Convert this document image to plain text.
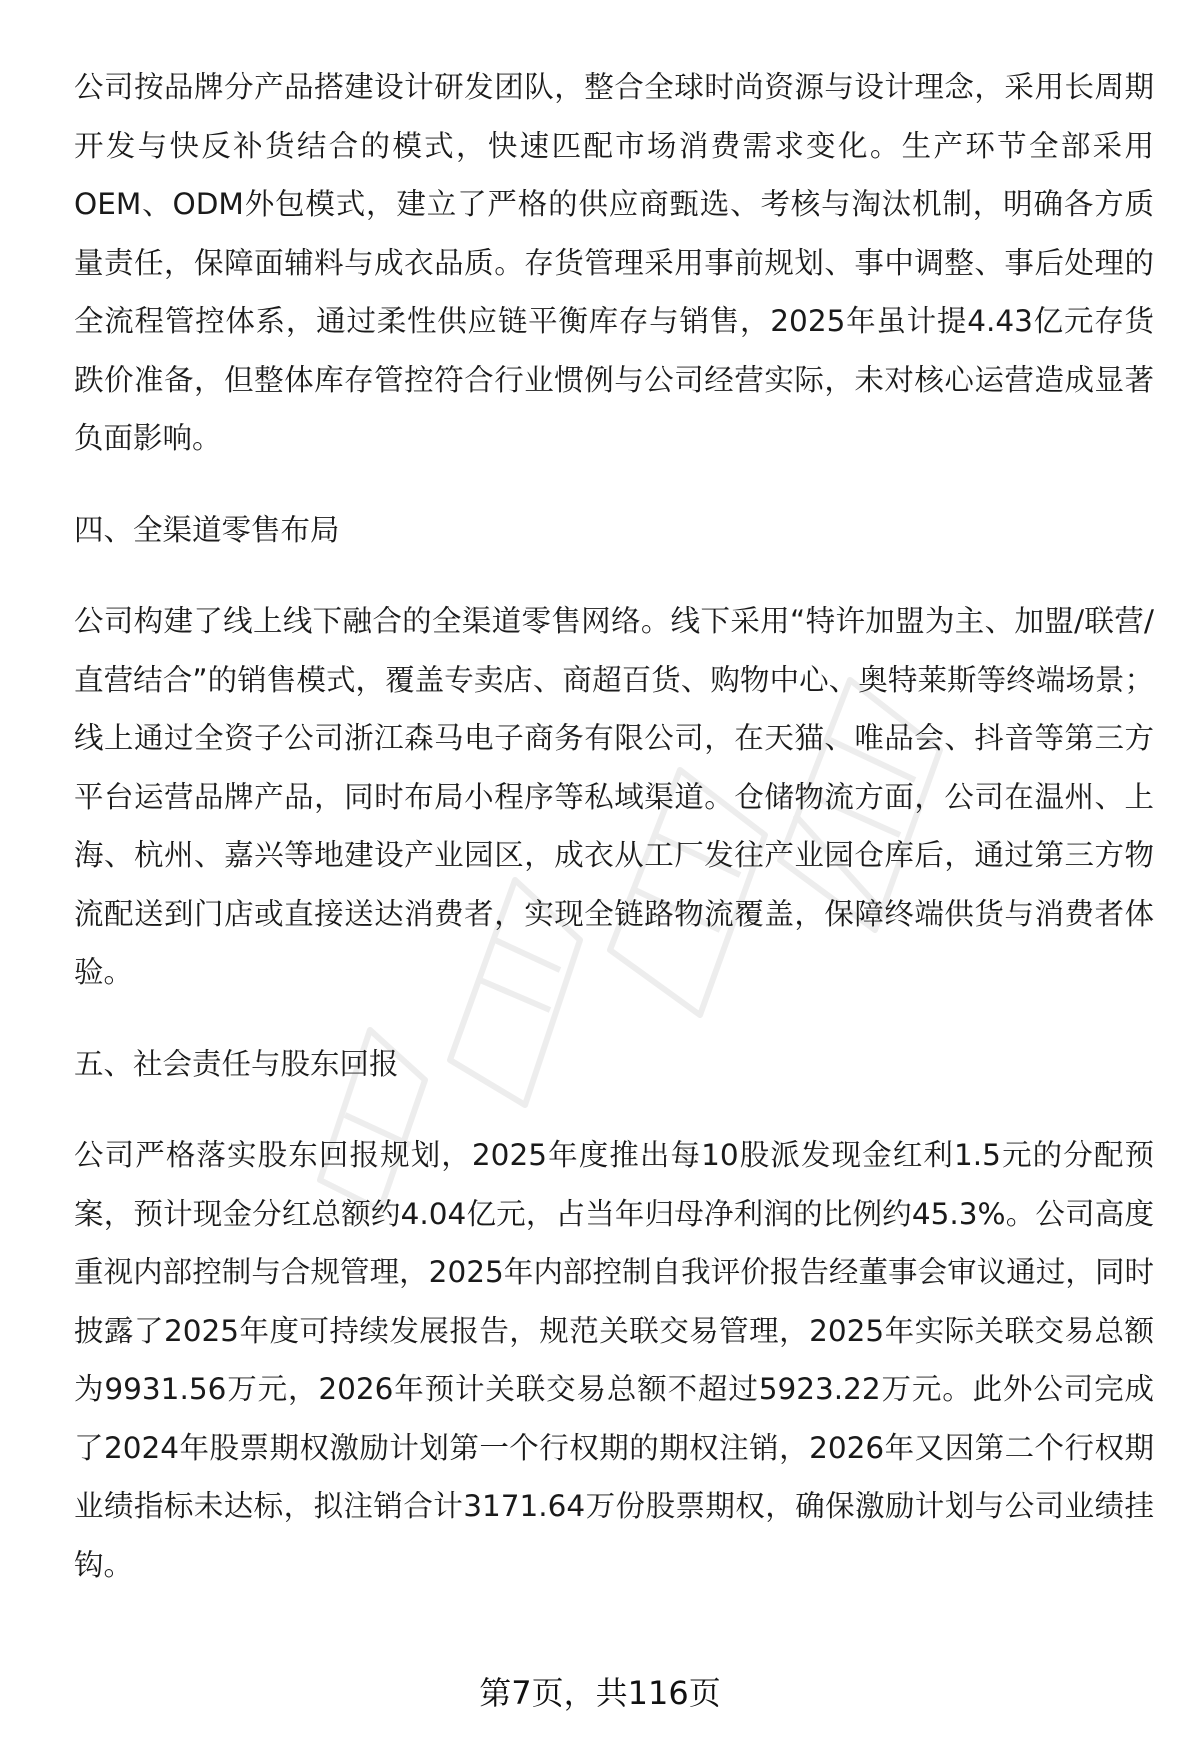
公司按品牌分产品搭建设计研发团队，整合全球时尚资源与设计理念，采用长周期开发与快反补货结合的模式，快速匹配市场消费需求变化。生产环节全部采用OEM、ODM外包模式，建立了严格的供应商甄选、考核与淘汰机制，明确各方质量责任，保障面辅料与成衣品质。存货管理采用事前规划、事中调整、事后处理的全流程管控体系，通过柔性供应链平衡库存与销售，2025年虽计提4.43亿元存货跌价准备，但整体库存管控符合行业惯例与公司经营实际，未对核心运营造成显著负面影响。

四、全渠道零售布局

公司构建了线上线下融合的全渠道零售网络。线下采用“特许加盟为主、加盟/联营/直营结合”的销售模式，覆盖专卖店、商超百货、购物中心、奥特莱斯等终端场景；线上通过全资子公司浙江森马电子商务有限公司，在天猫、唯品会、抖音等第三方平台运营品牌产品，同时布局小程序等私域渠道。仓储物流方面，公司在温州、上海、杭州、嘉兴等地建设产业园区，成衣从工厂发往产业园仓库后，通过第三方物流配送到门店或直接送达消费者，实现全链路物流覆盖，保障终端供货与消费者体验。

五、社会责任与股东回报

公司严格落实股东回报规划，2025年度推出每10股派发现金红利1.5元的分配预案，预计现金分红总额约4.04亿元，占当年归母净利润的比例约45.3%。公司高度重视内部控制与合规管理，2025年内部控制自我评价报告经董事会审议通过，同时披露了2025年度可持续发展报告，规范关联交易管理，2025年实际关联交易总额为9931.56万元，2026年预计关联交易总额不超过5923.22万元。此外公司完成了2024年股票期权激励计划第一个行权期的期权注销，2026年又因第二个行权期业绩指标未达标，拟注销合计3171.64万份股票期权，确保激励计划与公司业绩挂钩。

第7页，共116页
